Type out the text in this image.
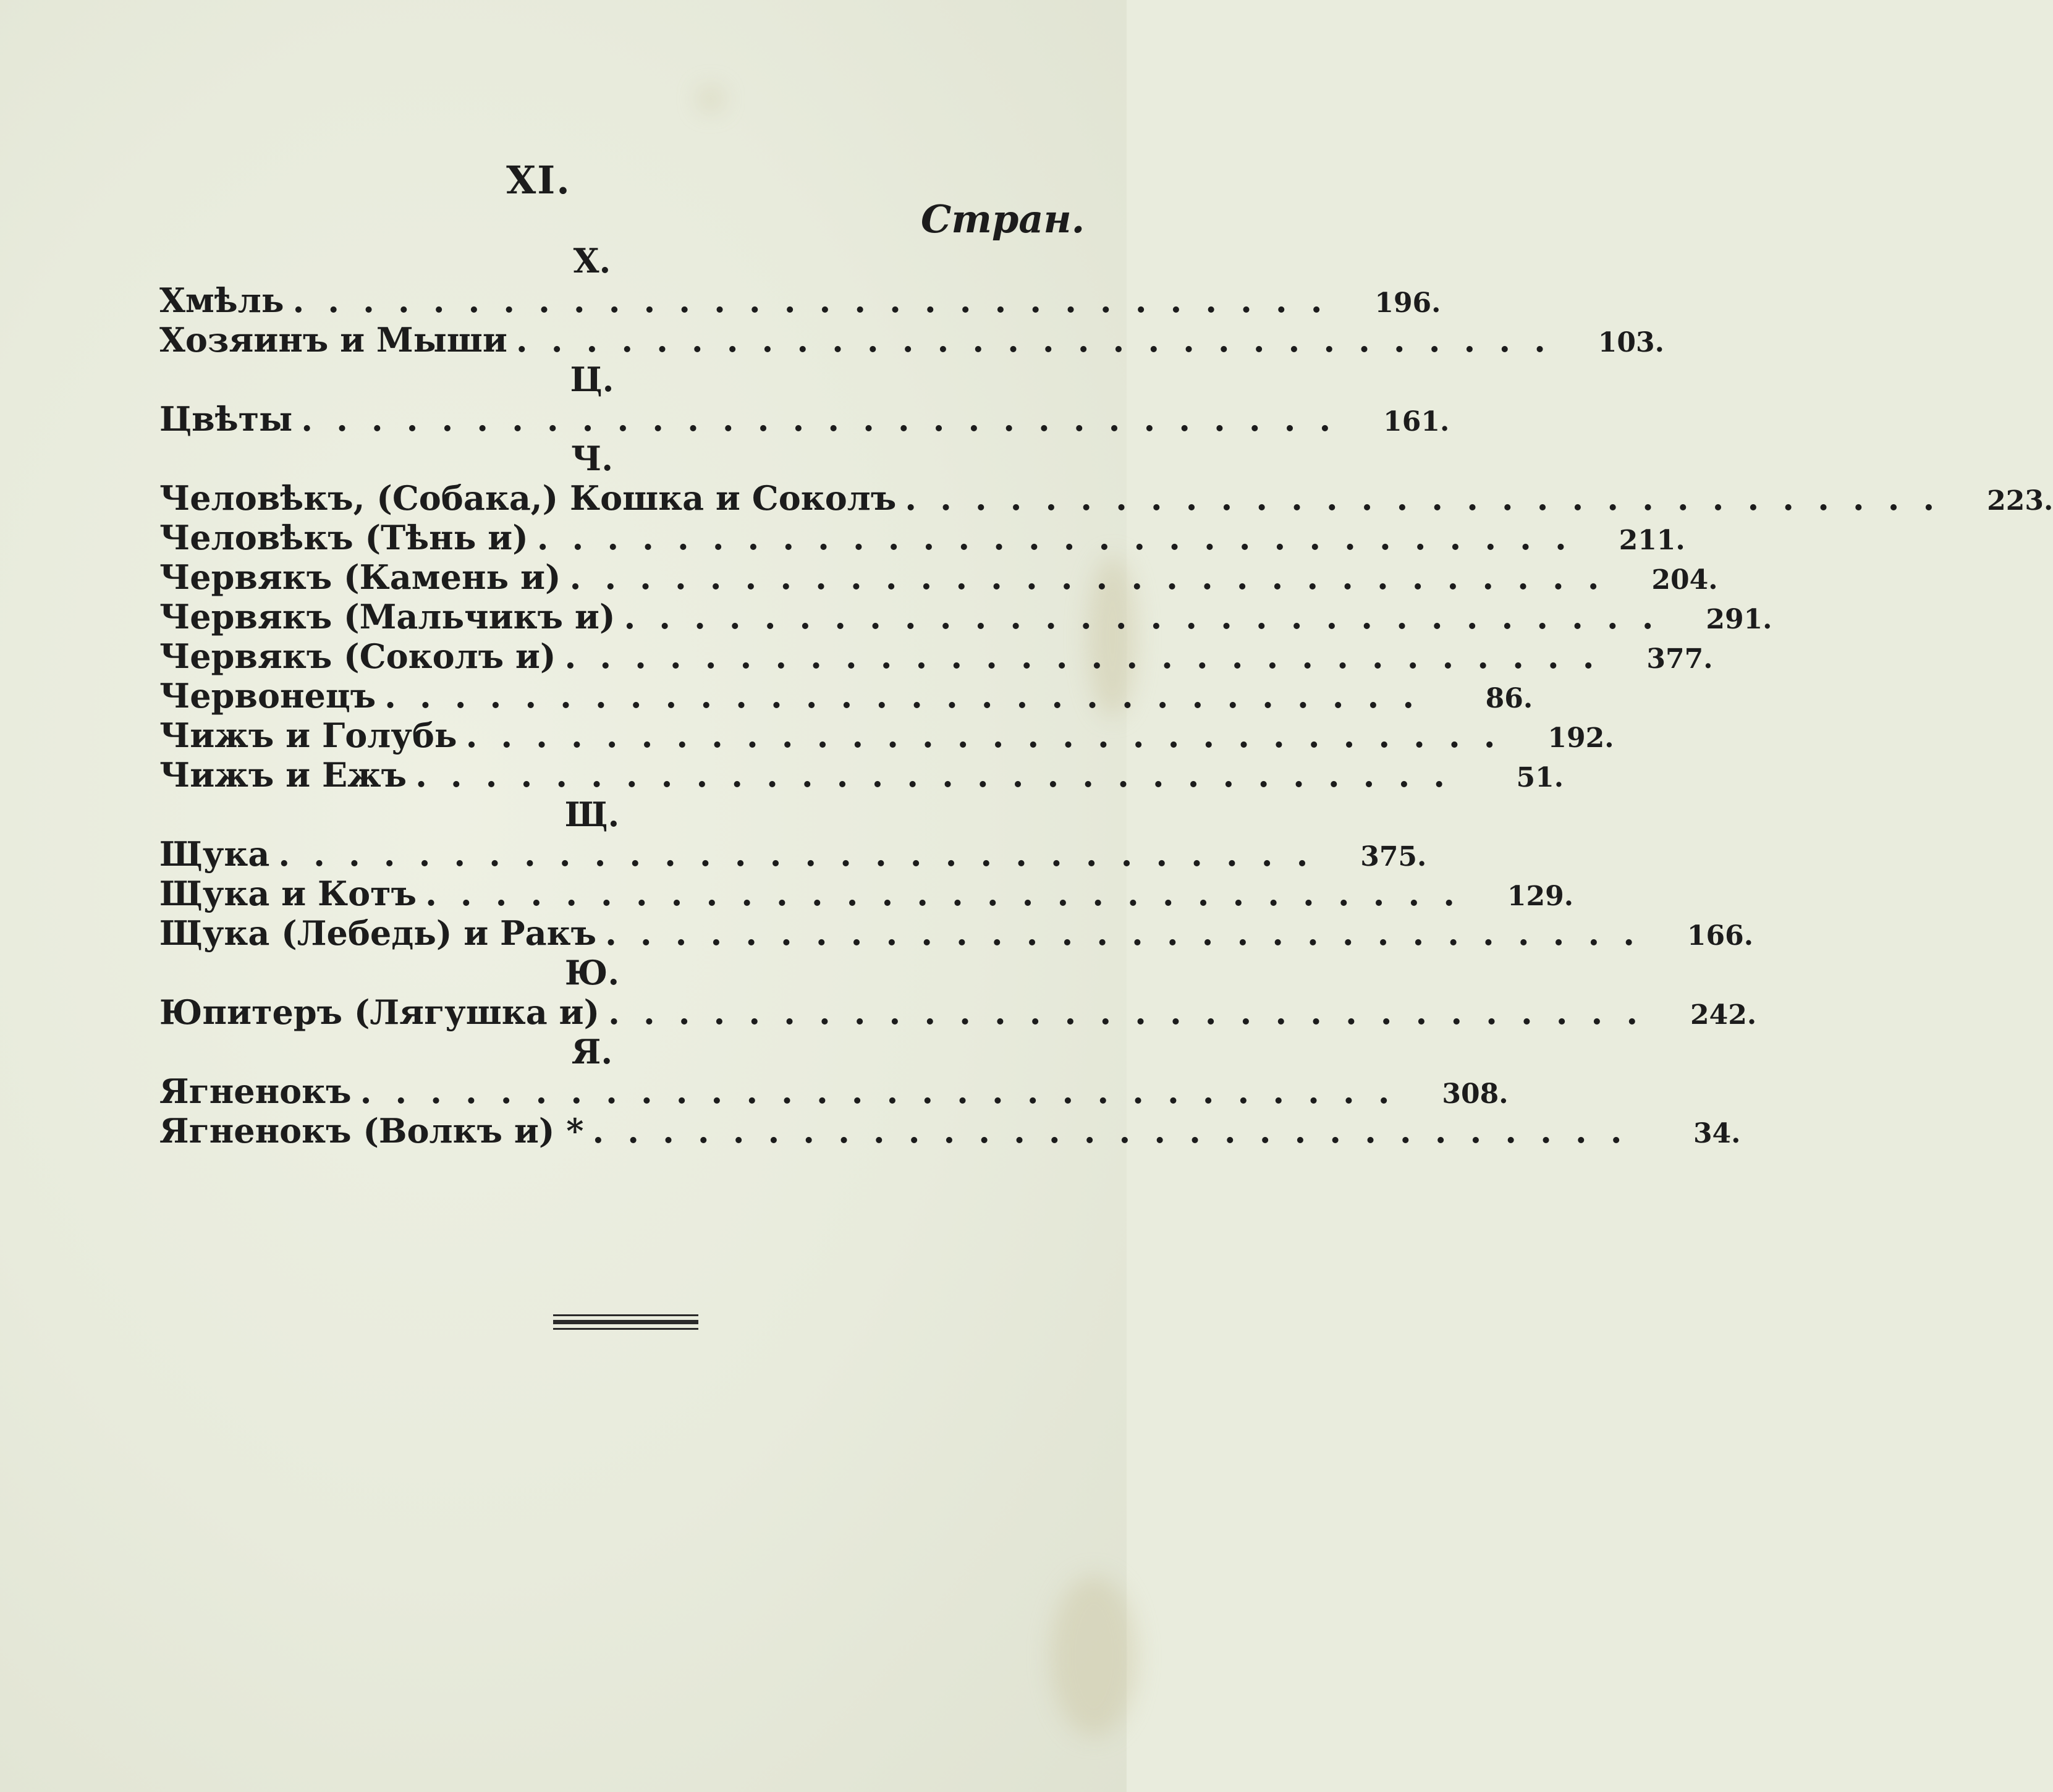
XI.
Стран.
Х.
Хмѣль ..............................	196.
Хозяинъ и Мыши ..............................	103.
Ц.
Цвѣты ..............................	161.
Ч.
Человѣкъ, (Собака,) Кошка и Соколъ ..............................	223.
Человѣкъ (Тѣнь и) ..............................	211.
Червякъ (Камень и) ..............................	204.
Червякъ (Мальчикъ и) ..............................	291.
Червякъ (Соколъ и) ..............................	377.
Червонецъ ..............................	86.
Чижъ и Голубь ..............................	192.
Чижъ и Ежъ ..............................	51.
Щ.
Щука ..............................	375.
Щука и Котъ ..............................	129.
Щука (Лебедь) и Ракъ ..............................	166.
Ю.
Юпитеръ (Лягушка и) ..............................	242.
Я.
Ягненокъ ..............................	308.
Ягненокъ (Волкъ и) * ..............................	34.
